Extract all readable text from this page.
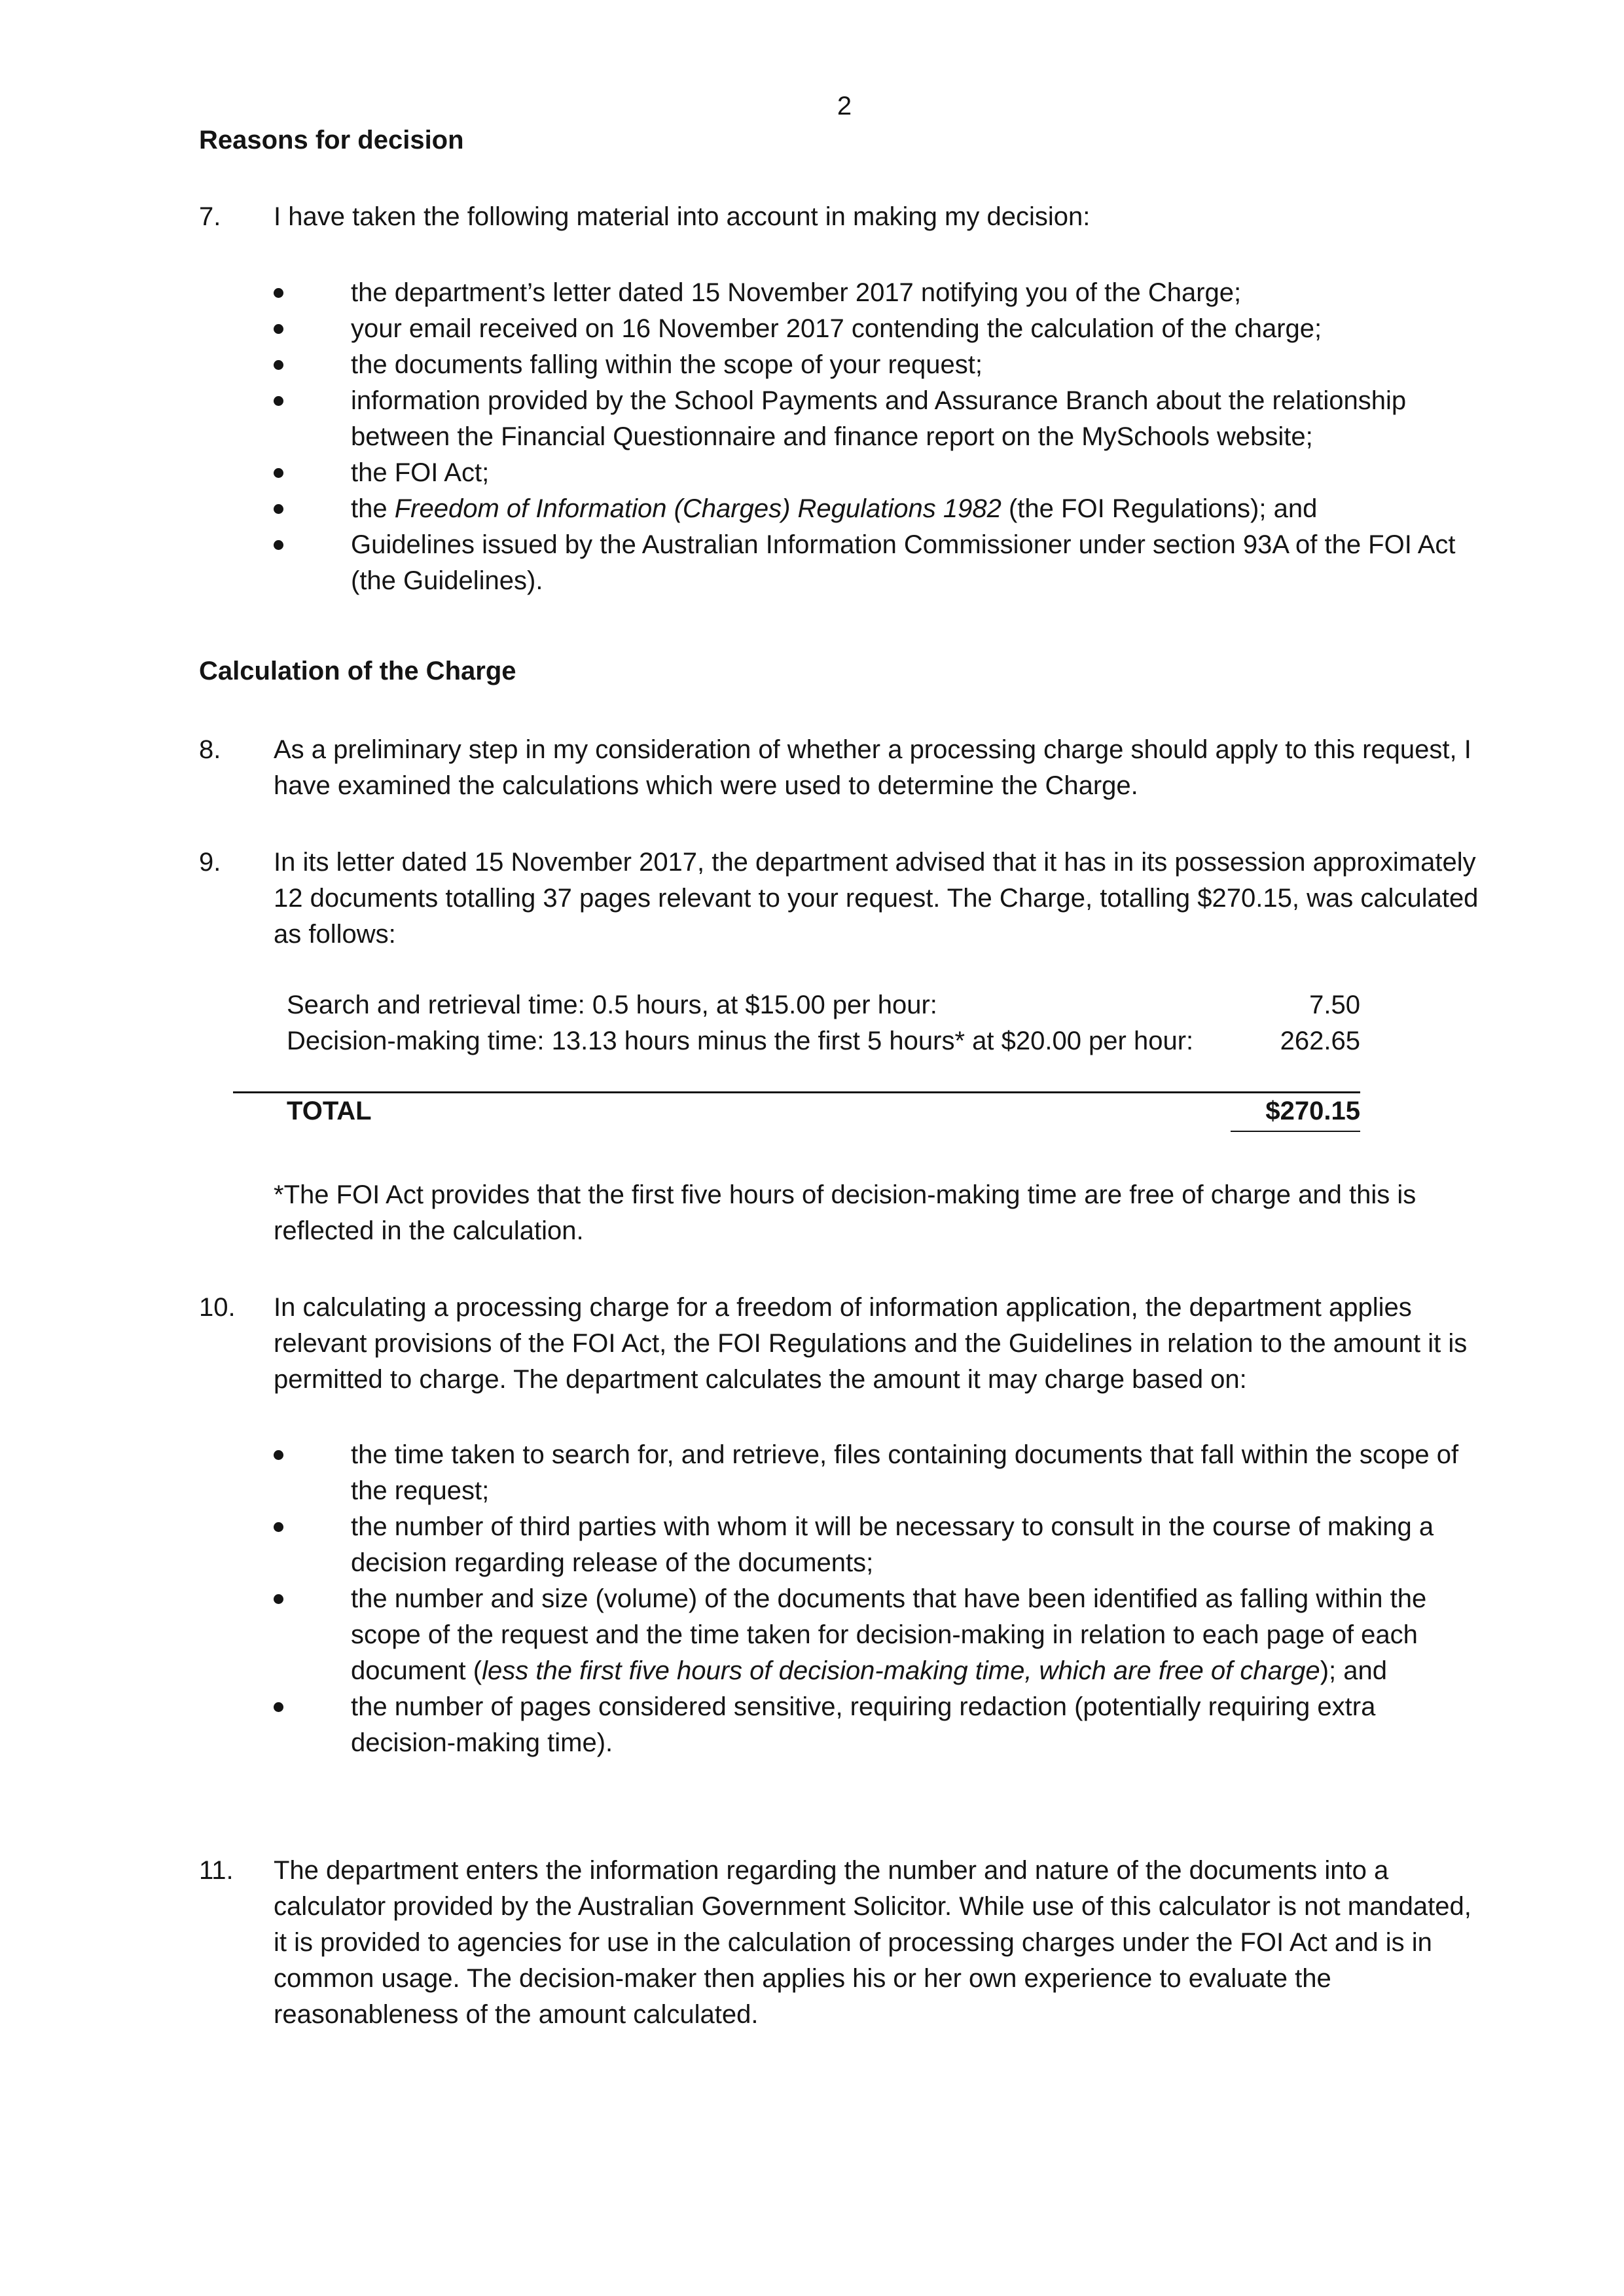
2
Reasons for decision
7.	I have taken the following material into account in making my decision:
the department’s letter dated 15 November 2017 notifying you of the Charge;
your email received on 16 November 2017 contending the calculation of the charge;
the documents falling within the scope of your request;
information provided by the School Payments and Assurance Branch about the relationship between the Financial Questionnaire and finance report on the MySchools website;
the FOI Act;
the Freedom of Information (Charges) Regulations 1982 (the FOI Regulations); and
Guidelines issued by the Australian Information Commissioner under section 93A of the FOI Act (the Guidelines).
Calculation of the Charge
8.	As a preliminary step in my consideration of whether a processing charge should apply to this request, I have examined the calculations which were used to determine the Charge.
9.	In its letter dated 15 November 2017, the department advised that it has in its possession approximately 12 documents totalling 37 pages relevant to your request. The Charge, totalling $270.15, was calculated as follows:
Search and retrieval time: 0.5 hours, at $15.00 per hour:	7.50
Decision-making time: 13.13 hours minus the first 5 hours* at $20.00 per hour:	262.65
TOTAL	$270.15
*The FOI Act provides that the first five hours of decision-making time are free of charge and this is reflected in the calculation.
10.	In calculating a processing charge for a freedom of information application, the department applies relevant provisions of the FOI Act, the FOI Regulations and the Guidelines in relation to the amount it is permitted to charge. The department calculates the amount it may charge based on:
the time taken to search for, and retrieve, files containing documents that fall within the scope of the request;
the number of third parties with whom it will be necessary to consult in the course of making a decision regarding release of the documents;
the number and size (volume) of the documents that have been identified as falling within the scope of the request and the time taken for decision-making in relation to each page of each document (less the first five hours of decision-making time, which are free of charge); and
the number of pages considered sensitive, requiring redaction (potentially requiring extra decision-making time).
11.	The department enters the information regarding the number and nature of the documents into a calculator provided by the Australian Government Solicitor. While use of this calculator is not mandated, it is provided to agencies for use in the calculation of processing charges under the FOI Act and is in common usage. The decision-maker then applies his or her own experience to evaluate the reasonableness of the amount calculated.
